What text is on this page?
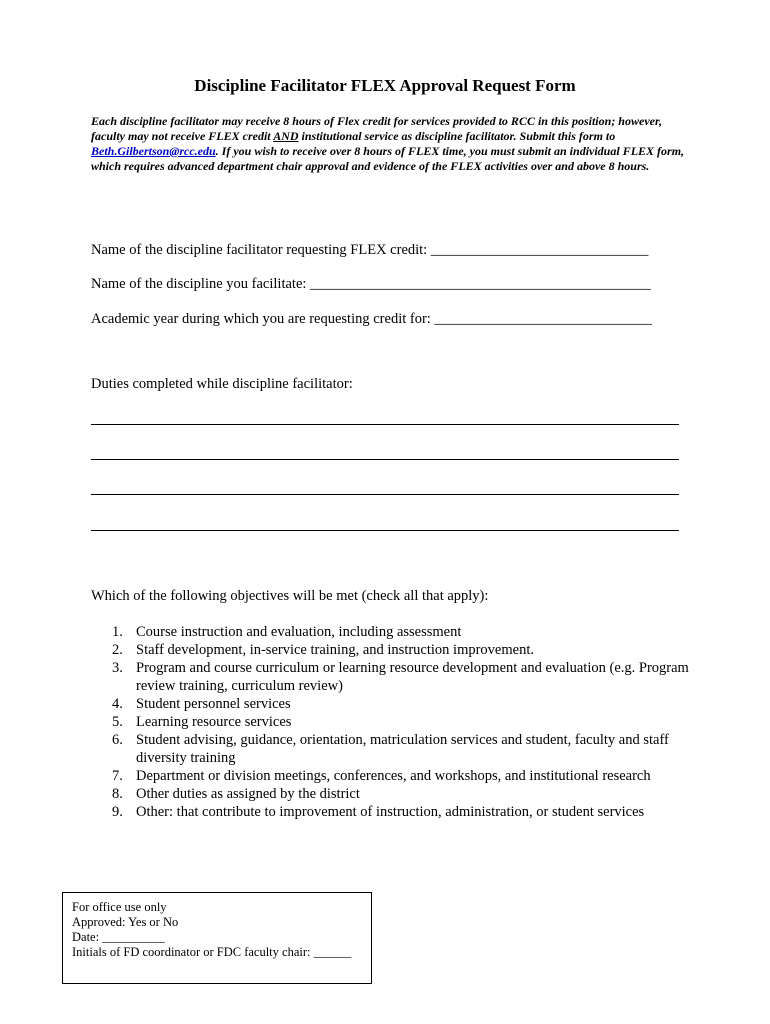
Discipline Facilitator FLEX Approval Request Form
Each discipline facilitator may receive 8 hours of Flex credit for services provided to RCC in this position; however, faculty may not receive FLEX credit AND institutional service as discipline facilitator. Submit this form to Beth.Gilbertson@rcc.edu. If you wish to receive over 8 hours of FLEX time, you must submit an individual FLEX form, which requires advanced department chair approval and evidence of the FLEX activities over and above 8 hours.
Name of the discipline facilitator requesting FLEX credit: ______________________________
Name of the discipline you facilitate: _______________________________________________
Academic year during which you are requesting credit for: ______________________________
Duties completed while discipline facilitator:
Which of the following objectives will be met (check all that apply):
1. Course instruction and evaluation, including assessment
2. Staff development, in-service training, and instruction improvement.
3. Program and course curriculum or learning resource development and evaluation (e.g. Program review training, curriculum review)
4. Student personnel services
5. Learning resource services
6. Student advising, guidance, orientation, matriculation services and student, faculty and staff diversity training
7. Department or division meetings, conferences, and workshops, and institutional research
8. Other duties as assigned by the district
9. Other: that contribute to improvement of instruction, administration, or student services
For office use only
Approved: Yes or No
Date: __________
Initials of FD coordinator or FDC faculty chair: ______
